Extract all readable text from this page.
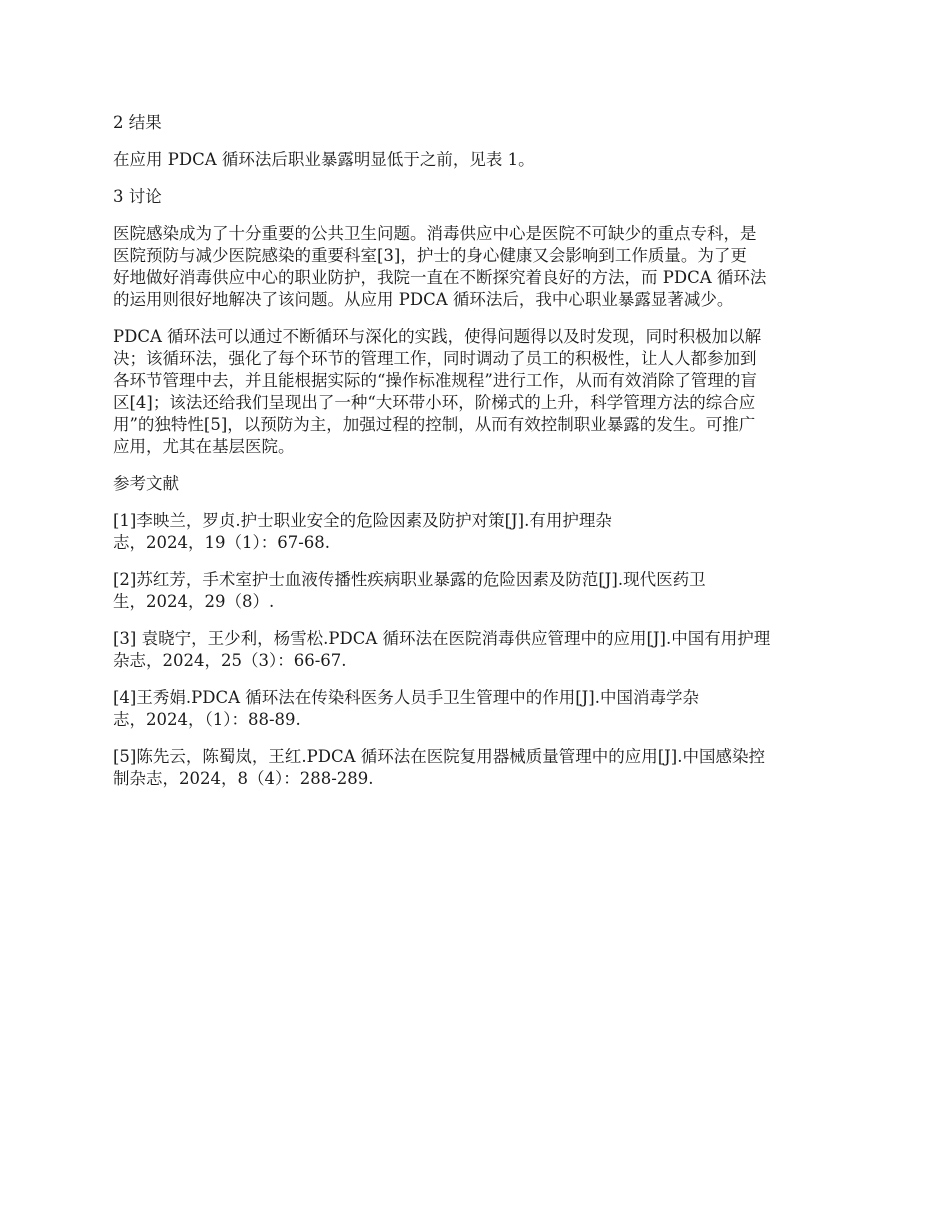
2 结果

在应用 PDCA 循环法后职业暴露明显低于之前，见表 1。

3 讨论

医院感染成为了十分重要的公共卫生问题。消毒供应中心是医院不可缺少的重点专科，是
医院预防与减少医院感染的重要科室[3]，护士的身心健康又会影响到工作质量。为了更
好地做好消毒供应中心的职业防护，我院一直在不断探究着良好的方法，而 PDCA 循环法
的运用则很好地解决了该问题。从应用 PDCA 循环法后，我中心职业暴露显著减少。

PDCA 循环法可以通过不断循环与深化的实践，使得问题得以及时发现，同时积极加以解
决；该循环法，强化了每个环节的管理工作，同时调动了员工的积极性，让人人都参加到
各环节管理中去，并且能根据实际的“操作标准规程”进行工作，从而有效消除了管理的盲
区[4]；该法还给我们呈现出了一种“大环带小环，阶梯式的上升，科学管理方法的综合应
用”的独特性[5]，以预防为主，加强过程的控制，从而有效控制职业暴露的发生。可推广
应用，尤其在基层医院。

参考文献

[1]李映兰，罗贞.护士职业安全的危险因素及防护对策[J].有用护理杂
志，2024，19（1）：67-68.

[2]苏红芳，手术室护士血液传播性疾病职业暴露的危险因素及防范[J].现代医药卫
生，2024，29（8）.

[3] 袁晓宁，王少利，杨雪松.PDCA 循环法在医院消毒供应管理中的应用[J].中国有用护理
杂志，2024，25（3）：66-67.

[4]王秀娟.PDCA 循环法在传染科医务人员手卫生管理中的作用[J].中国消毒学杂
志，2024，（1）：88-89.

[5]陈先云，陈蜀岚，王红.PDCA 循环法在医院复用器械质量管理中的应用[J].中国感染控
制杂志，2024，8（4）：288-289.
